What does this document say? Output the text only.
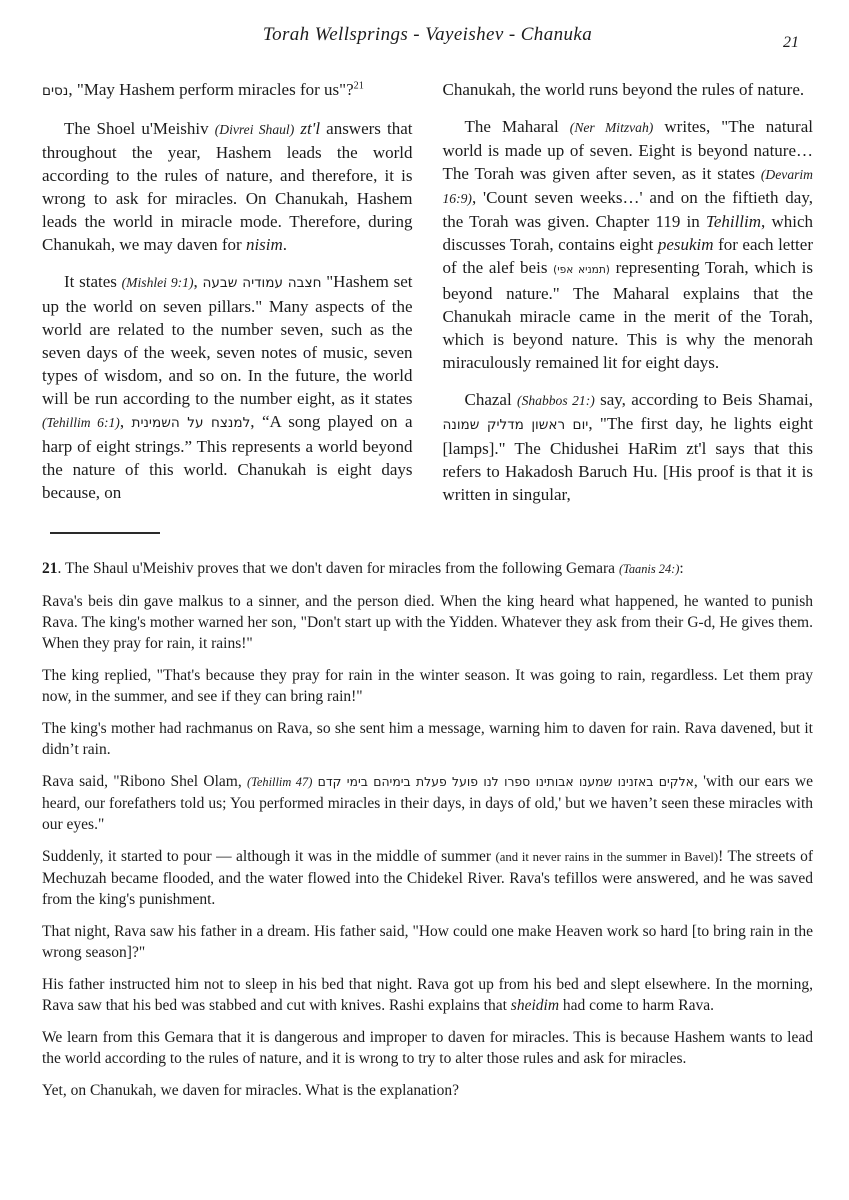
Torah Wellsprings - Vayeishev - Chanuka	21

נסים, "May Hashem perform miracles for us"?$^{21}$

The Shoel u'Meishiv (Divrei Shaul) zt'l answers that throughout the year, Hashem leads the world according to the rules of nature, and therefore, it is wrong to ask for miracles. On Chanukah, Hashem leads the world in miracle mode. Therefore, during Chanukah, we may daven for nisim.

It states (Mishlei 9:1), חצבה עמודיה שבעה "Hashem set up the world on seven pillars." Many aspects of the world are related to the number seven, such as the seven days of the week, seven notes of music, seven types of wisdom, and so on. In the future, the world will be run according to the number eight, as it states (Tehillim 6:1), למנצח על השמינית, “A song played on a harp of eight strings.” This represents a world beyond the nature of this world. Chanukah is eight days because, on

Chanukah, the world runs beyond the rules of nature.

The Maharal (Ner Mitzvah) writes, "The natural world is made up of seven. Eight is beyond nature… The Torah was given after seven, as it states (Devarim 16:9), 'Count seven weeks…' and on the fiftieth day, the Torah was given. Chapter 119 in Tehillim, which discusses Torah, contains eight pesukim for each letter of the alef beis (תמניא אפי) representing Torah, which is beyond nature." The Maharal explains that the Chanukah miracle came in the merit of the Torah, which is beyond nature. This is why the menorah miraculously remained lit for eight days.

Chazal (Shabbos 21:) say, according to Beis Shamai, יום ראשון מדליק שמונה, "The first day, he lights eight [lamps]." The Chidushei HaRim zt'l says that this refers to Hakadosh Baruch Hu. [His proof is that it is written in singular,

21. The Shaul u'Meishiv proves that we don't daven for miracles from the following Gemara (Taanis 24:):

Rava's beis din gave malkus to a sinner, and the person died. When the king heard what happened, he wanted to punish Rava. The king's mother warned her son, "Don't start up with the Yidden. Whatever they ask from their G-d, He gives them. When they pray for rain, it rains!"

The king replied, "That's because they pray for rain in the winter season. It was going to rain, regardless. Let them pray now, in the summer, and see if they can bring rain!"

The king's mother had rachmanus on Rava, so she sent him a message, warning him to daven for rain. Rava davened, but it didn’t rain.

Rava said, "Ribono Shel Olam, (Tehillim 47) אלקים באזנינו שמענו אבותינו ספרו לנו פועל פעלת בימיהם בימי קדם, 'with our ears we heard, our forefathers told us; You performed miracles in their days, in days of old,' but we haven’t seen these miracles with our eyes."

Suddenly, it started to pour — although it was in the middle of summer (and it never rains in the summer in Bavel)! The streets of Mechuzah became flooded, and the water flowed into the Chidekel River. Rava's tefillos were answered, and he was saved from the king's punishment.

That night, Rava saw his father in a dream. His father said, "How could one make Heaven work so hard [to bring rain in the wrong season]?"

His father instructed him not to sleep in his bed that night. Rava got up from his bed and slept elsewhere. In the morning, Rava saw that his bed was stabbed and cut with knives. Rashi explains that sheidim had come to harm Rava.

We learn from this Gemara that it is dangerous and improper to daven for miracles. This is because Hashem wants to lead the world according to the rules of nature, and it is wrong to try to alter those rules and ask for miracles.

Yet, on Chanukah, we daven for miracles. What is the explanation?
